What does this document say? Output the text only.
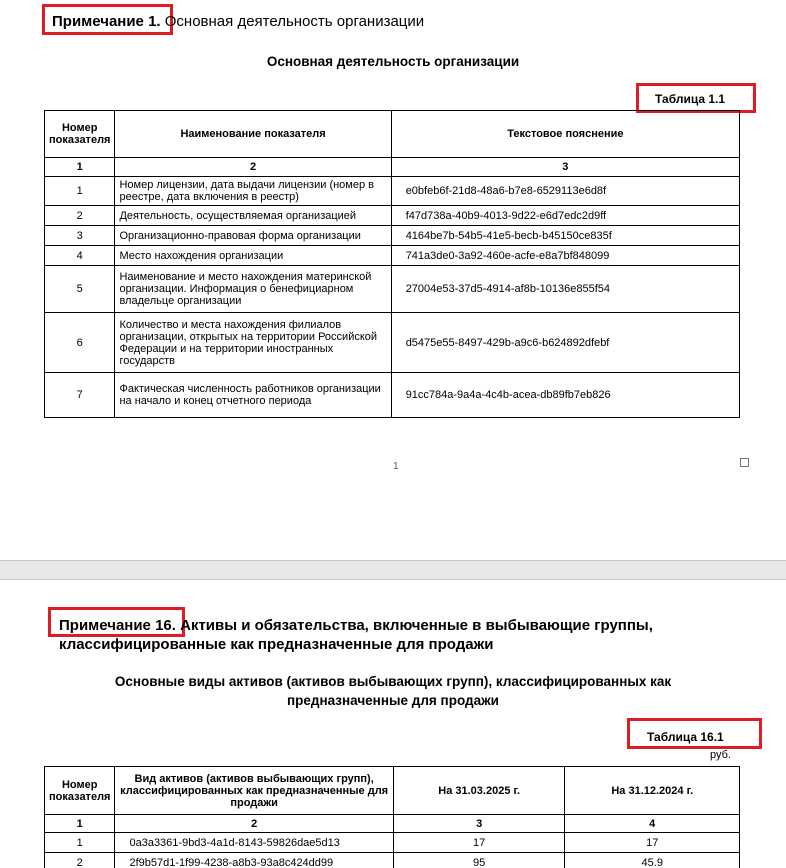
Примечание 1. Основная деятельность организации
Основная деятельность организации
Таблица 1.1
Номер показателя	Наименование показателя	Текстовое пояснение
1	2	3
1	Номер лицензии, дата выдачи лицензии (номер в реестре, дата включения в реестр)	e0bfeb6f-21d8-48a6-b7e8-6529113e6d8f
2	Деятельность, осуществляемая организацией	f47d738a-40b9-4013-9d22-e6d7edc2d9ff
3	Организационно-правовая форма организации	4164be7b-54b5-41e5-becb-b45150ce835f
4	Место нахождения организации	741a3de0-3a92-460e-acfe-e8a7bf848099
5	Наименование и место нахождения материнской организации. Информация о бенефициарном владельце организации	27004e53-37d5-4914-af8b-10136e855f54
6	Количество и места нахождения филиалов организации, открытых на территории Российской Федерации и на территории иностранных государств	d5475e55-8497-429b-a9c6-b624892dfebf
7	Фактическая численность работников организации на начало и конец отчетного периода	91cc784a-9a4a-4c4b-acea-db89fb7eb826
1
Примечание 16. Активы и обязательства, включенные в выбывающие группы,
классифицированные как предназначенные для продажи
Основные виды активов (активов выбывающих групп), классифицированных как
предназначенные для продажи
Таблица 16.1
руб.
Номер показателя	Вид активов (активов выбывающих групп), классифицированных как предназначенные для продажи	На 31.03.2025 г.	На 31.12.2024 г.
1	2	3	4
1	0a3a3361-9bd3-4a1d-8143-59826dae5d13	17	17
2	2f9b57d1-1f99-4238-a8b3-93a8c424dd99	95	45.9
